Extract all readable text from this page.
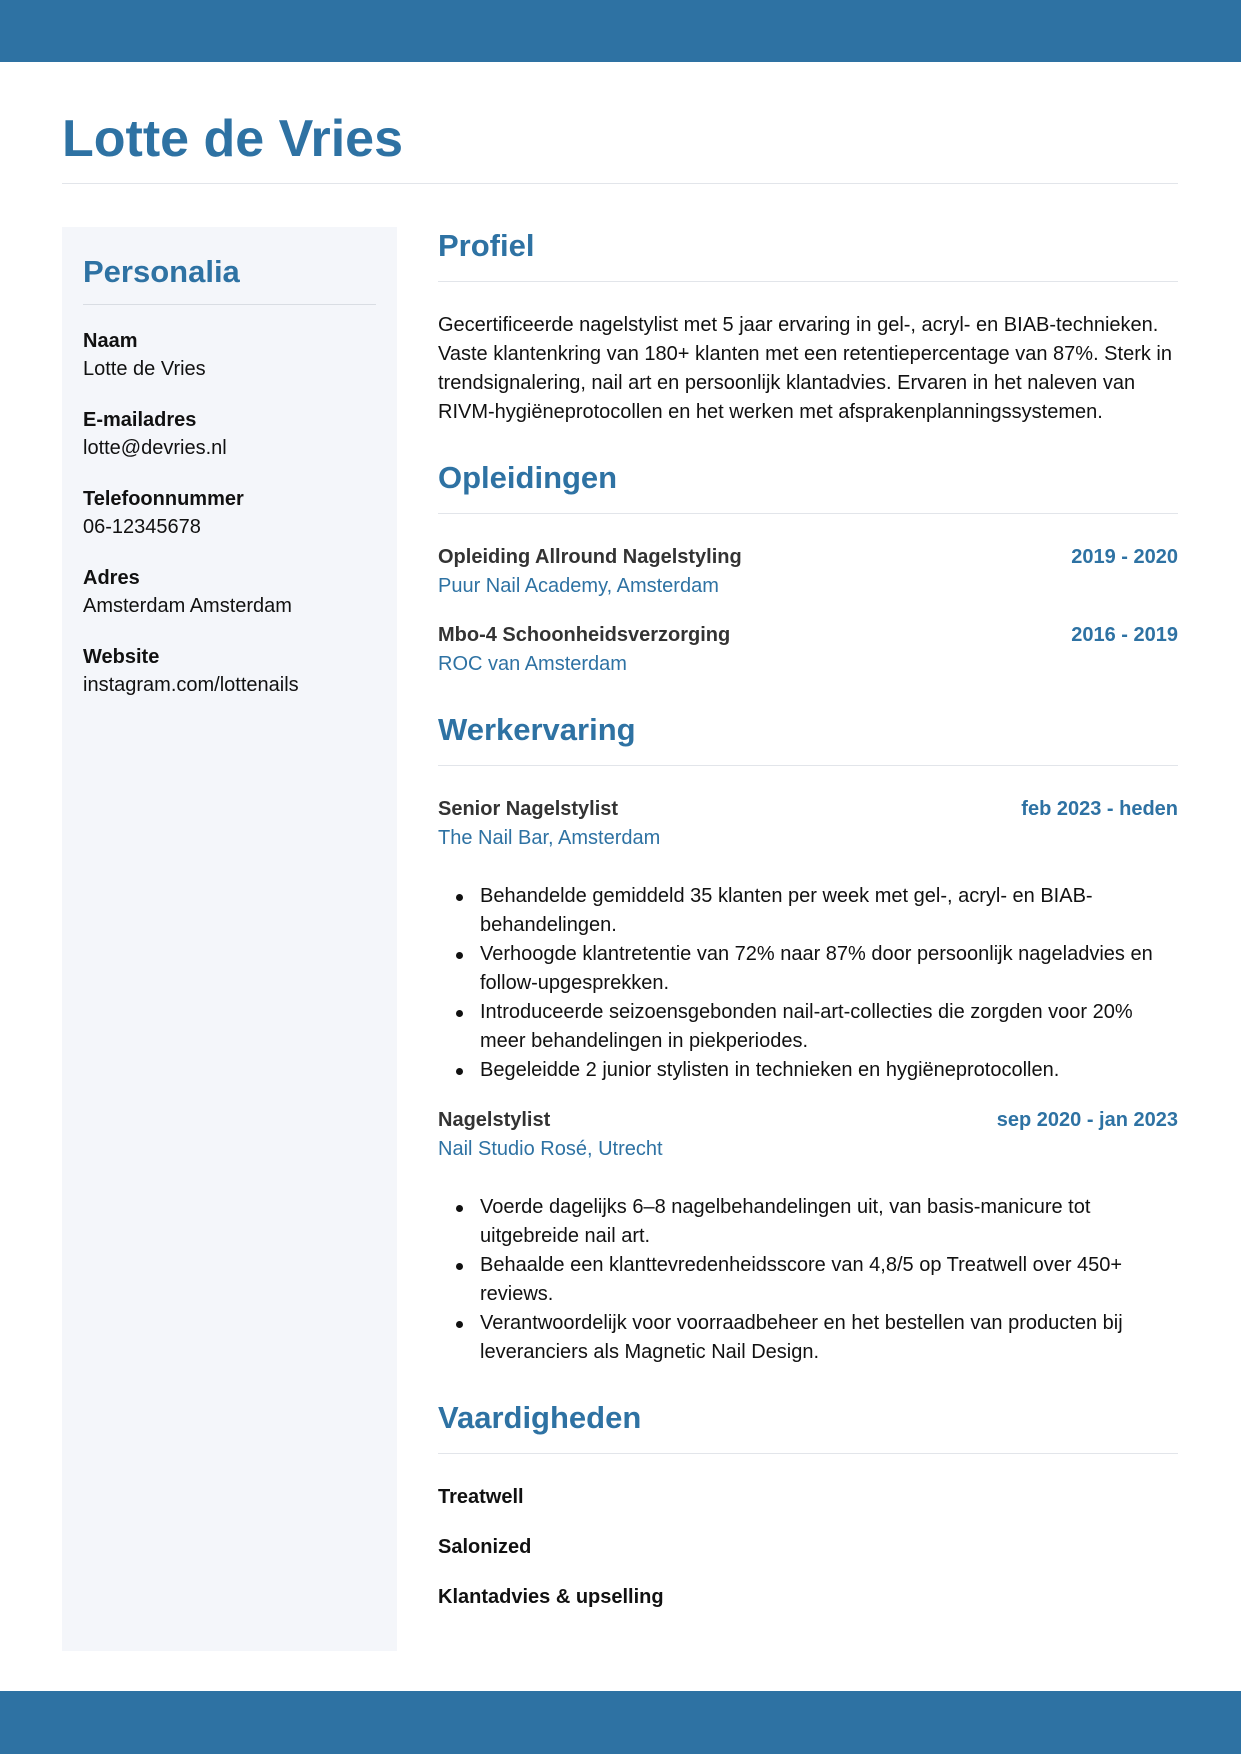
Lotte de Vries
Personalia
Naam
Lotte de Vries
E-mailadres
lotte@devries.nl
Telefoonnummer
06-12345678
Adres
Amsterdam Amsterdam
Website
instagram.com/lottenails
Profiel

Gecertificeerde nagelstylist met 5 jaar ervaring in gel-, acryl- en BIAB-technieken. Vaste klantenkring van 180+ klanten met een retentiepercentage van 87%. Sterk in trendsignalering, nail art en persoonlijk klantadvies. Ervaren in het naleven van RIVM-hygiëneprotocollen en het werken met afsprakenplanningssystemen.

Opleidingen
Opleiding Allround Nagelstyling	2019 - 2020
Puur Nail Academy, Amsterdam
Mbo-4 Schoonheidsverzorging	2016 - 2019
ROC van Amsterdam
Werkervaring
Senior Nagelstylist	feb 2023 - heden
The Nail Bar, Amsterdam
Behandelde gemiddeld 35 klanten per week met gel-, acryl- en BIAB-behandelingen.
Verhoogde klantretentie van 72% naar 87% door persoonlijk nageladvies en follow-upgesprekken.
Introduceerde seizoensgebonden nail-art-collecties die zorgden voor 20% meer behandelingen in piekperiodes.
Begeleidde 2 junior stylisten in technieken en hygiëneprotocollen.
Nagelstylist	sep 2020 - jan 2023
Nail Studio Rosé, Utrecht
Voerde dagelijks 6–8 nagelbehandelingen uit, van basis-manicure tot uitgebreide nail art.
Behaalde een klanttevredenheidsscore van 4,8/5 op Treatwell over 450+ reviews.
Verantwoordelijk voor voorraadbeheer en het bestellen van producten bij leveranciers als Magnetic Nail Design.
Vaardigheden
Treatwell
Salonized
Klantadvies & upselling
